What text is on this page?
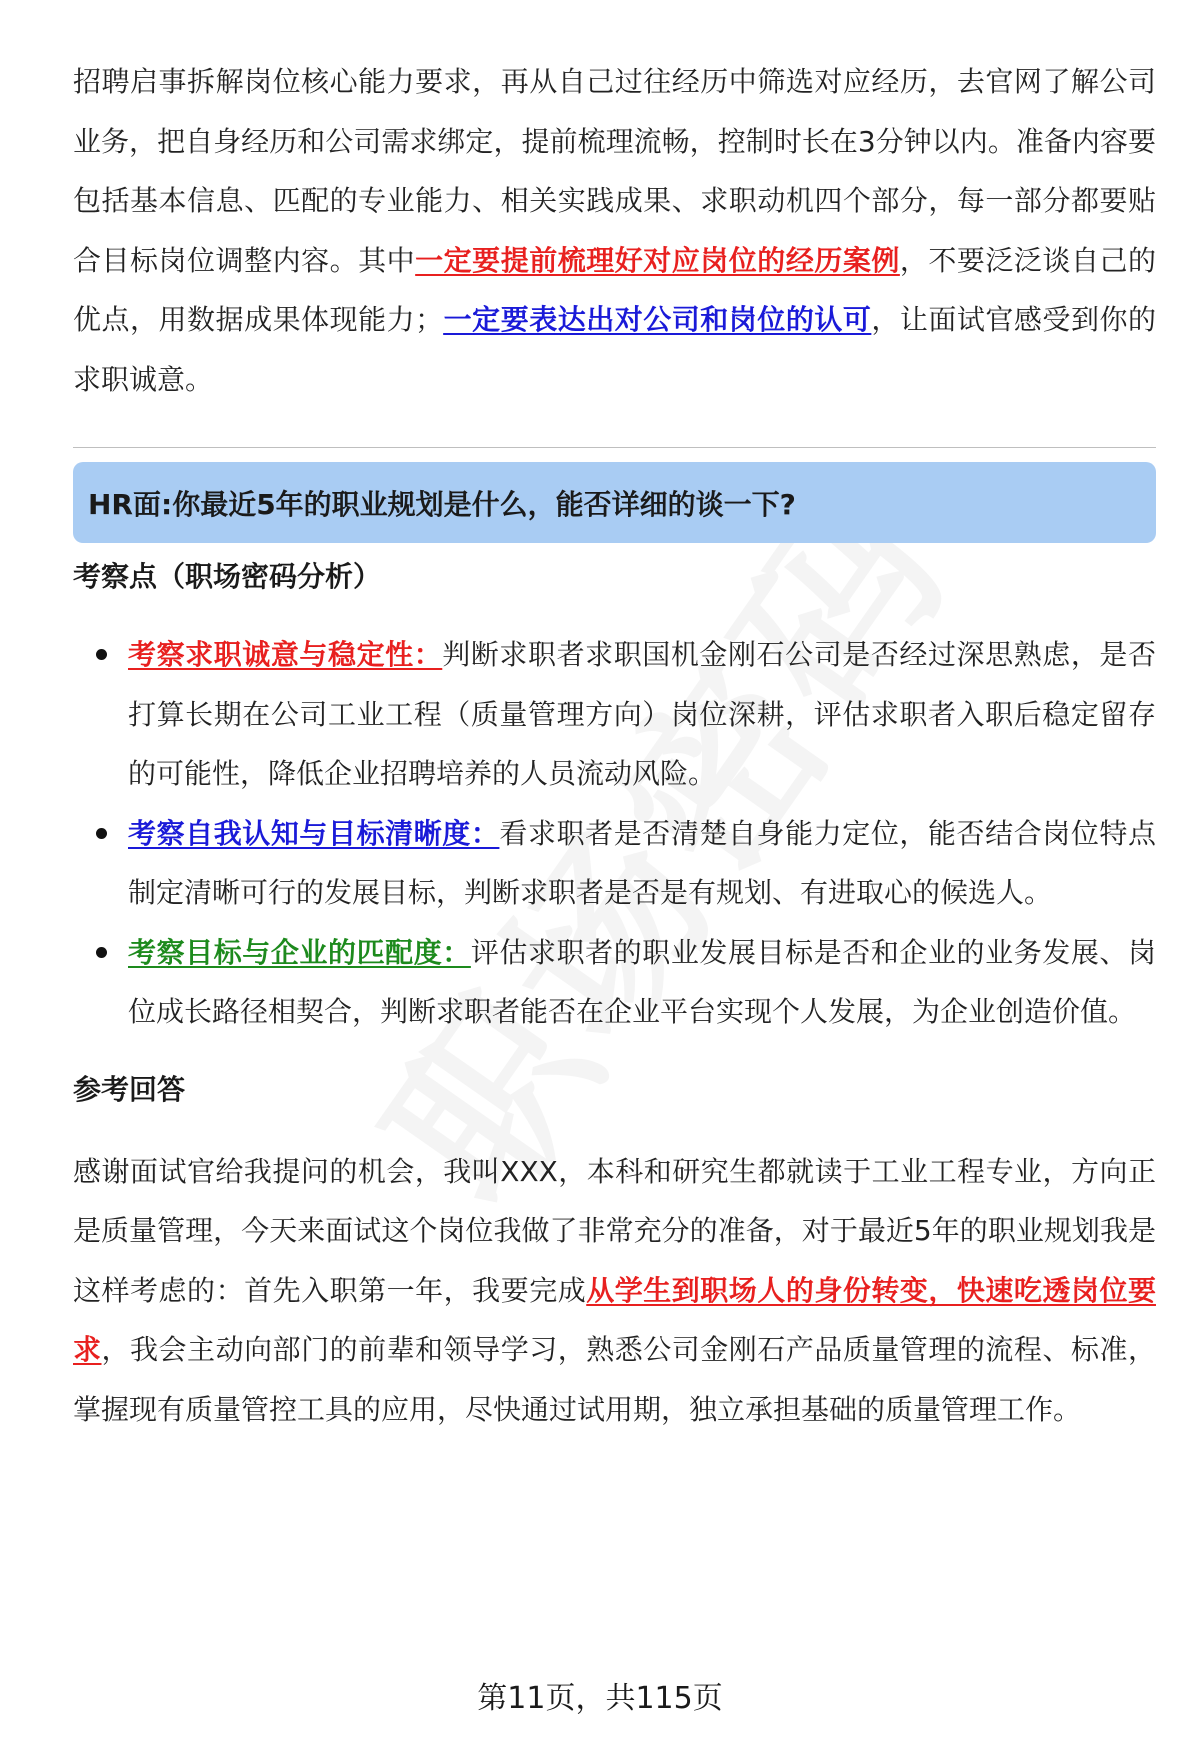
招聘启事拆解岗位核心能力要求，再从自己过往经历中筛选对应经历，去官网了解公司业务，把自身经历和公司需求绑定，提前梳理流畅，控制时长在3分钟以内。准备内容要包括基本信息、匹配的专业能力、相关实践成果、求职动机四个部分，每一部分都要贴合目标岗位调整内容。其中一定要提前梳理好对应岗位的经历案例，不要泛泛谈自己的优点，用数据成果体现能力；一定要表达出对公司和岗位的认可，让面试官感受到你的求职诚意。

HR面:你最近5年的职业规划是什么，能否详细的谈一下?

考察点（职场密码分析）

考察求职诚意与稳定性：判断求职者求职国机金刚石公司是否经过深思熟虑，是否打算长期在公司工业工程（质量管理方向）岗位深耕，评估求职者入职后稳定留存的可能性，降低企业招聘培养的人员流动风险。
考察自我认知与目标清晰度：看求职者是否清楚自身能力定位，能否结合岗位特点制定清晰可行的发展目标，判断求职者是否是有规划、有进取心的候选人。
考察目标与企业的匹配度：评估求职者的职业发展目标是否和企业的业务发展、岗位成长路径相契合，判断求职者能否在企业平台实现个人发展，为企业创造价值。

参考回答

感谢面试官给我提问的机会，我叫XXX，本科和研究生都就读于工业工程专业，方向正是质量管理，今天来面试这个岗位我做了非常充分的准备，对于最近5年的职业规划我是这样考虑的：首先入职第一年，我要完成从学生到职场人的身份转变，快速吃透岗位要求，我会主动向部门的前辈和领导学习，熟悉公司金刚石产品质量管理的流程、标准，掌握现有质量管控工具的应用，尽快通过试用期，独立承担基础的质量管理工作。

第11页，共115页
